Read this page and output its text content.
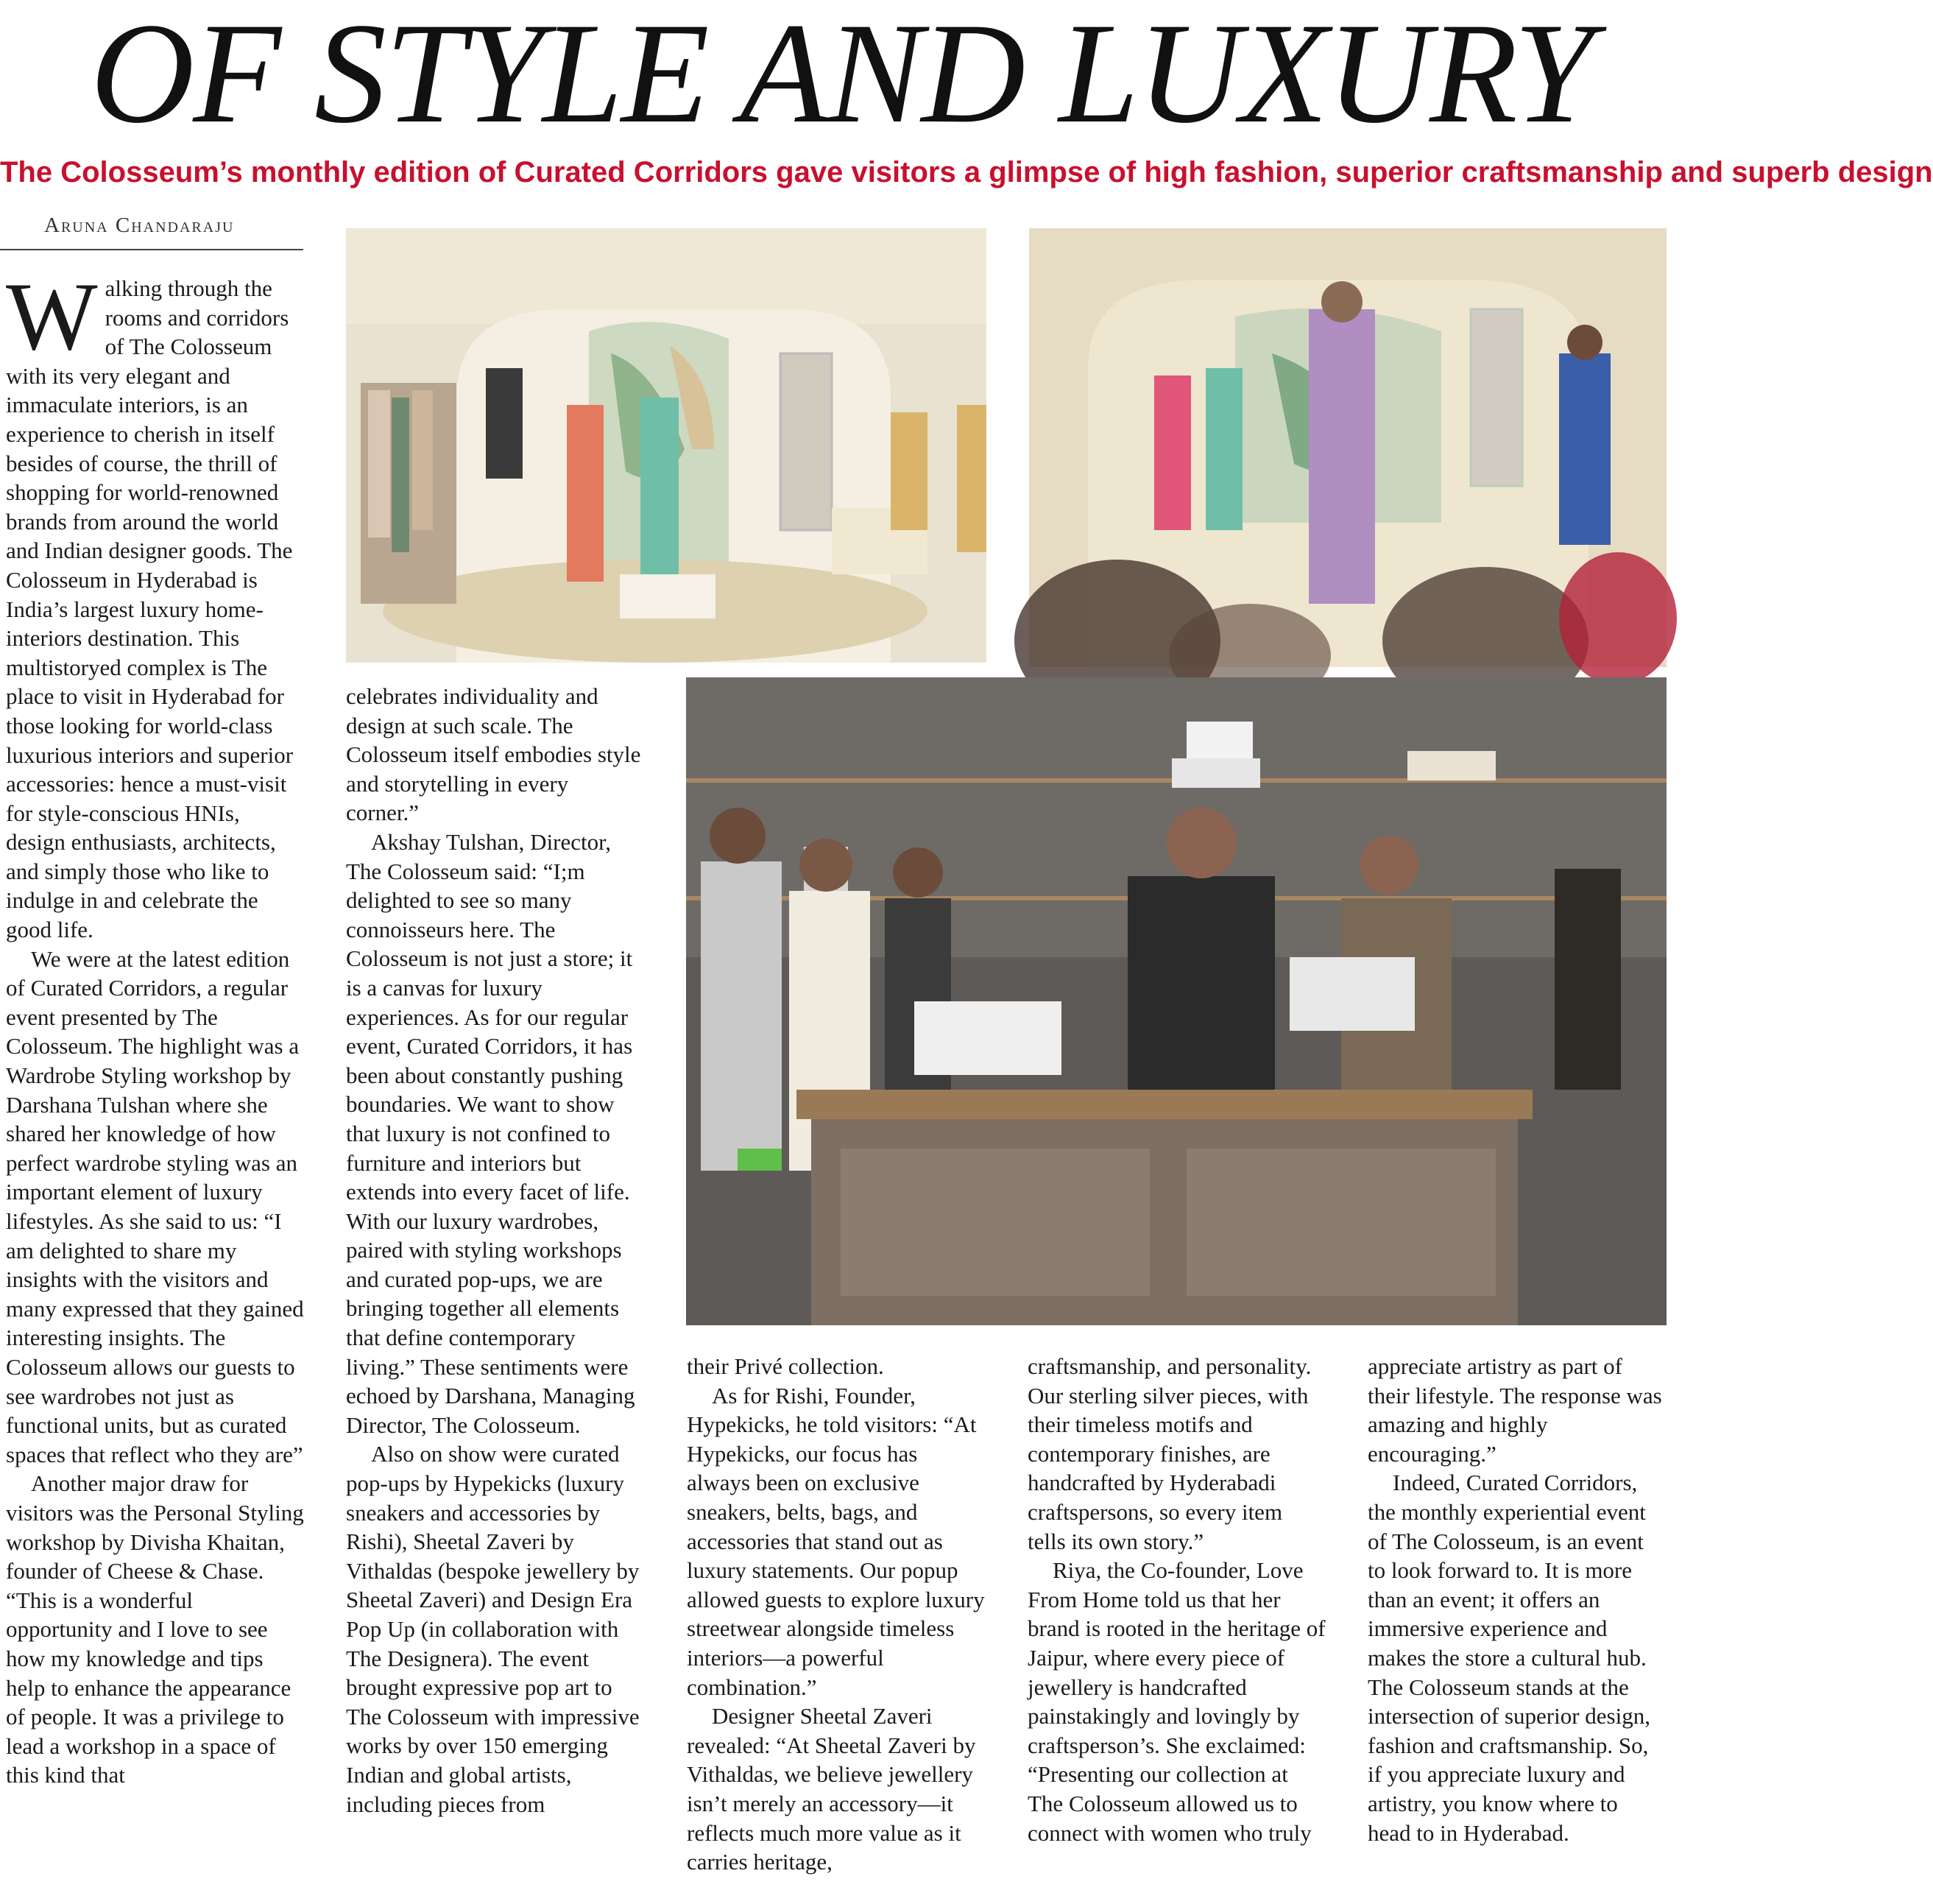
OF STYLE AND LUXURY

The Colosseum’s monthly edition of Curated Corridors gave visitors a glimpse of high fashion, superior craftsmanship and superb design

Aruna Chandaraju

Walking through the rooms and corridors of The Colosseum with its very elegant and immaculate interiors, is an experience to cherish in itself besides of course, the thrill of shopping for world-renowned brands from around the world and Indian designer goods. The Colosseum in Hyderabad is India’s largest luxury home-interiors destination. This multistoryed complex is The place to visit in Hyderabad for those looking for world-class luxurious interiors and superior accessories: hence a must-visit for style-conscious HNIs, design enthusiasts, architects, and simply those who like to indulge in and celebrate the good life.

We were at the latest edition of Curated Corridors, a regular event presented by The Colosseum. The highlight was a Wardrobe Styling workshop by Darshana Tulshan where she shared her knowledge of how perfect wardrobe styling was an important element of luxury lifestyles. As she said to us: “I am delighted to share my insights with the visitors and many expressed that they gained interesting insights. The Colosseum allows our guests to see wardrobes not just as functional units, but as curated spaces that reflect who they are”

Another major draw for visitors was the Personal Styling workshop by Divisha Khaitan, founder of Cheese & Chase. “This is a wonderful opportunity and I love to see how my knowledge and tips help to enhance the appearance of people. It was a privilege to lead a workshop in a space of this kind that

celebrates individuality and design at such scale. The Colosseum itself embodies style and storytelling in every corner.”

Akshay Tulshan, Director, The Colosseum said: “I;m delighted to see so many connoisseurs here. The Colosseum is not just a store; it is a canvas for luxury experiences. As for our regular event, Curated Corridors, it has been about constantly pushing boundaries. We want to show that luxury is not confined to furniture and interiors but extends into every facet of life. With our luxury wardrobes, paired with styling workshops and curated pop-ups, we are bringing together all elements that define contemporary living.” These sentiments were echoed by Darshana, Managing Director, The Colosseum.

Also on show were curated pop-ups by Hypekicks (luxury sneakers and accessories by Rishi), Sheetal Zaveri by Vithaldas (bespoke jewellery by Sheetal Zaveri) and Design Era Pop Up (in collaboration with The Designera). The event brought expressive pop art to The Colosseum with impressive works by over 150 emerging Indian and global artists, including pieces from

their Privé collection.

As for Rishi, Founder, Hypekicks, he told visitors: “At Hypekicks, our focus has always been on exclusive sneakers, belts, bags, and accessories that stand out as luxury statements. Our popup allowed guests to explore luxury streetwear alongside timeless interiors—a powerful combination.”

Designer Sheetal Zaveri revealed: “At Sheetal Zaveri by Vithaldas, we believe jewellery isn’t merely an accessory—it reflects much more value as it carries heritage,

craftsmanship, and personality. Our sterling silver pieces, with their timeless motifs and contemporary finishes, are handcrafted by Hyderabadi craftspersons, so every item tells its own story.”

Riya, the Co-founder, Love From Home told us that her brand is rooted in the heritage of Jaipur, where every piece of jewellery is handcrafted painstakingly and lovingly by craftsperson’s. She exclaimed: “Presenting our collection at The Colosseum allowed us to connect with women who truly

appreciate artistry as part of their lifestyle. The response was amazing and highly encouraging.”

Indeed, Curated Corridors, the monthly experiential event of The Colosseum, is an event to look forward to. It is more than an event; it offers an immersive experience and makes the store a cultural hub. The Colosseum stands at the intersection of superior design, fashion and craftsmanship. So, if you appreciate luxury and artistry, you know where to head to in Hyderabad.
